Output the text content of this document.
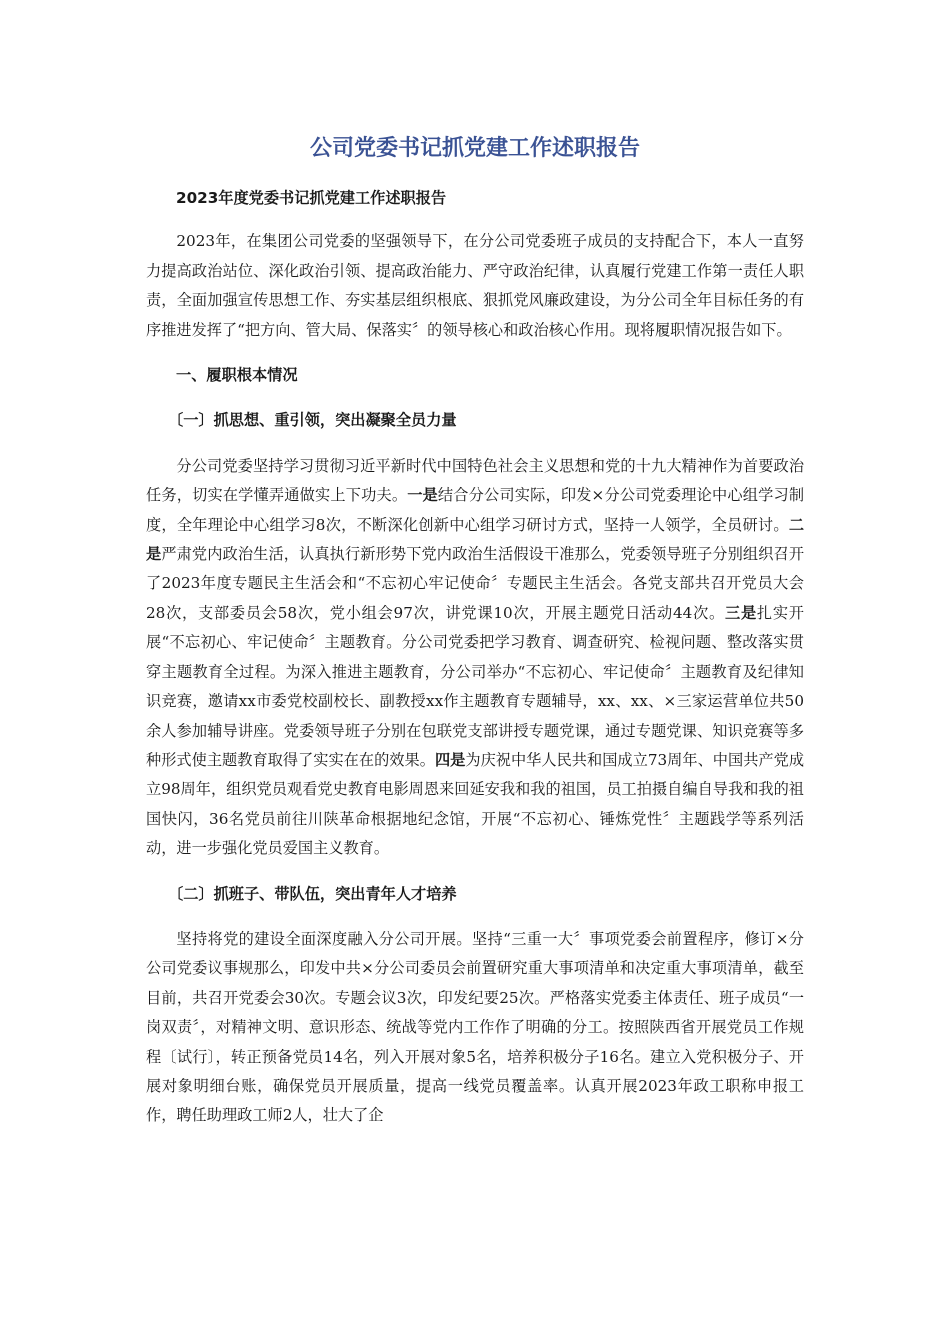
公司党委书记抓党建工作述职报告

2023年度党委书记抓党建工作述职报告

2023年，在集团公司党委的坚强领导下，在分公司党委班子成员的支持配合下，本人一直努力提高政治站位、深化政治引领、提高政治能力、严守政治纪律，认真履行党建工作第一责任人职责，全面加强宣传思想工作、夯实基层组织根底、狠抓党风廉政建设，为分公司全年目标任务的有序推进发挥了“把方向、管大局、保落实〞的领导核心和政治核心作用。现将履职情况报告如下。

一、履职根本情况

〔一〕抓思想、重引领，突出凝聚全员力量

分公司党委坚持学习贯彻习近平新时代中国特色社会主义思想和党的十九大精神作为首要政治任务，切实在学懂弄通做实上下功夫。一是结合分公司实际，印发×分公司党委理论中心组学习制度，全年理论中心组学习8次，不断深化创新中心组学习研讨方式，坚持一人领学，全员研讨。二是严肃党内政治生活，认真执行新形势下党内政治生活假设干准那么，党委领导班子分别组织召开了2023年度专题民主生活会和“不忘初心牢记使命〞专题民主生活会。各党支部共召开党员大会28次，支部委员会58次，党小组会97次，讲党课10次，开展主题党日活动44次。三是扎实开展“不忘初心、牢记使命〞主题教育。分公司党委把学习教育、调查研究、检视问题、整改落实贯穿主题教育全过程。为深入推进主题教育，分公司举办“不忘初心、牢记使命〞主题教育及纪律知识竞赛，邀请xx市委党校副校长、副教授xx作主题教育专题辅导，xx、xx、×三家运营单位共50余人参加辅导讲座。党委领导班子分别在包联党支部讲授专题党课，通过专题党课、知识竞赛等多种形式使主题教育取得了实实在在的效果。四是为庆祝中华人民共和国成立73周年、中国共产党成立98周年，组织党员观看党史教育电影周恩来回延安我和我的祖国，员工拍摄自编自导我和我的祖国快闪，36名党员前往川陕革命根据地纪念馆，开展“不忘初心、锤炼党性〞主题践学等系列活动，进一步强化党员爱国主义教育。

〔二〕抓班子、带队伍，突出青年人才培养

坚持将党的建设全面深度融入分公司开展。坚持“三重一大〞事项党委会前置程序，修订×分公司党委议事规那么，印发中共×分公司委员会前置研究重大事项清单和决定重大事项清单，截至目前，共召开党委会30次。专题会议3次，印发纪要25次。严格落实党委主体责任、班子成员“一岗双责〞，对精神文明、意识形态、统战等党内工作作了明确的分工。按照陕西省开展党员工作规程〔试行〕，转正预备党员14名，列入开展对象5名，培养积极分子16名。建立入党积极分子、开展对象明细台账，确保党员开展质量，提高一线党员覆盖率。认真开展2023年政工职称申报工作，聘任助理政工师2人，壮大了企
